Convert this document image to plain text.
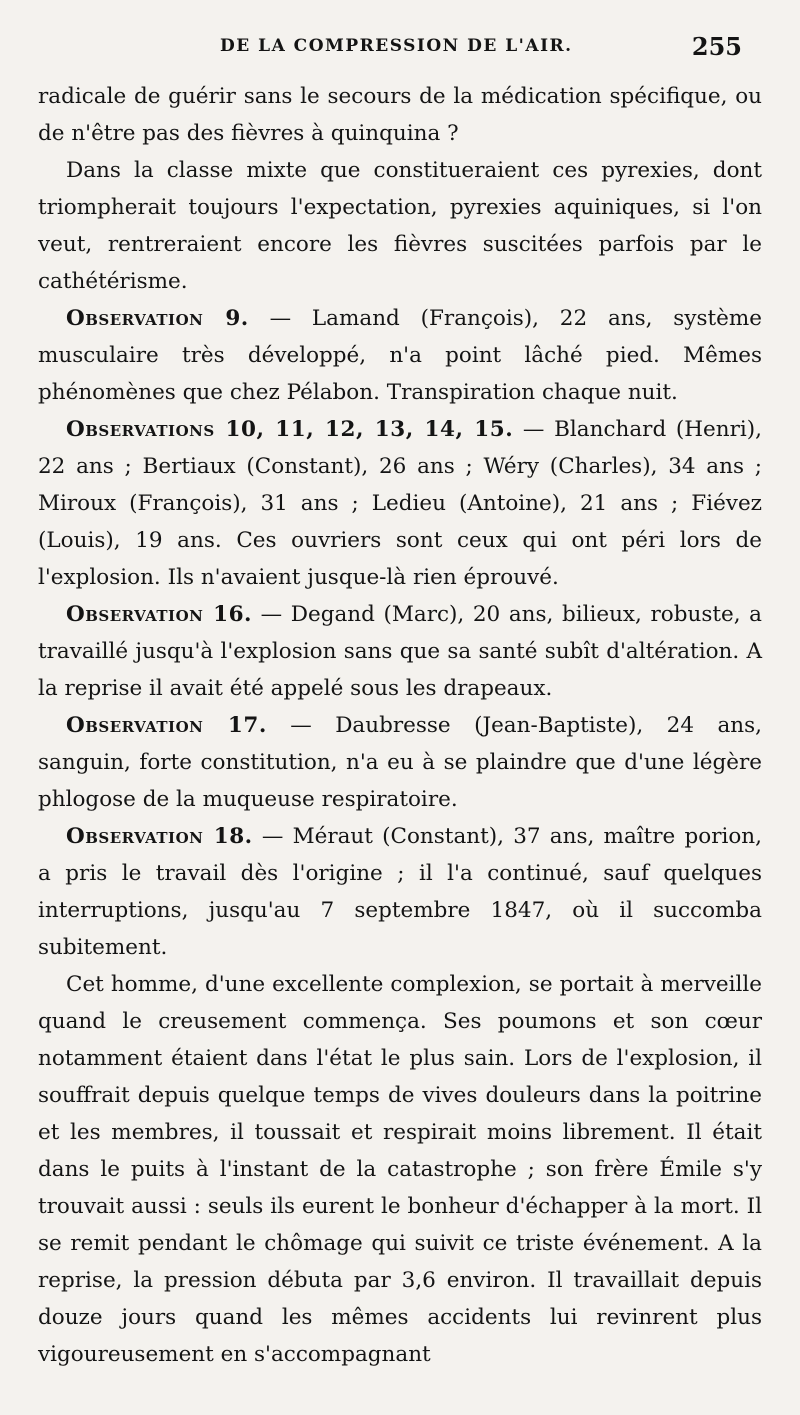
DE LA COMPRESSION DE L'AIR.	255

radicale de guérir sans le secours de la médication spécifique, ou de n'être pas des fièvres à quinquina ?

Dans la classe mixte que constitueraient ces pyrexies, dont triompherait toujours l'expectation, pyrexies aquiniques, si l'on veut, rentreraient encore les fièvres suscitées parfois par le cathétérisme.

Observation 9. — Lamand (François), 22 ans, système musculaire très développé, n'a point lâché pied. Mêmes phénomènes que chez Pélabon. Transpiration chaque nuit.

Observations 10, 11, 12, 13, 14, 15. — Blanchard (Henri), 22 ans ; Bertiaux (Constant), 26 ans ; Wéry (Charles), 34 ans ; Miroux (François), 31 ans ; Ledieu (Antoine), 21 ans ; Fiévez (Louis), 19 ans. Ces ouvriers sont ceux qui ont péri lors de l'explosion. Ils n'avaient jusque-là rien éprouvé.

Observation 16. — Degand (Marc), 20 ans, bilieux, robuste, a travaillé jusqu'à l'explosion sans que sa santé subît d'altération. A la reprise il avait été appelé sous les drapeaux.

Observation 17. — Daubresse (Jean-Baptiste), 24 ans, sanguin, forte constitution, n'a eu à se plaindre que d'une légère phlogose de la muqueuse respiratoire.

Observation 18. — Méraut (Constant), 37 ans, maître porion, a pris le travail dès l'origine ; il l'a continué, sauf quelques interruptions, jusqu'au 7 septembre 1847, où il succomba subitement.

Cet homme, d'une excellente complexion, se portait à merveille quand le creusement commença. Ses poumons et son cœur notamment étaient dans l'état le plus sain. Lors de l'explosion, il souffrait depuis quelque temps de vives douleurs dans la poitrine et les membres, il toussait et respirait moins librement. Il était dans le puits à l'instant de la catastrophe ; son frère Émile s'y trouvait aussi : seuls ils eurent le bonheur d'échapper à la mort. Il se remit pendant le chômage qui suivit ce triste événement. A la reprise, la pression débuta par 3,6 environ. Il travaillait depuis douze jours quand les mêmes accidents lui revinrent plus vigoureusement en s'accompagnant
